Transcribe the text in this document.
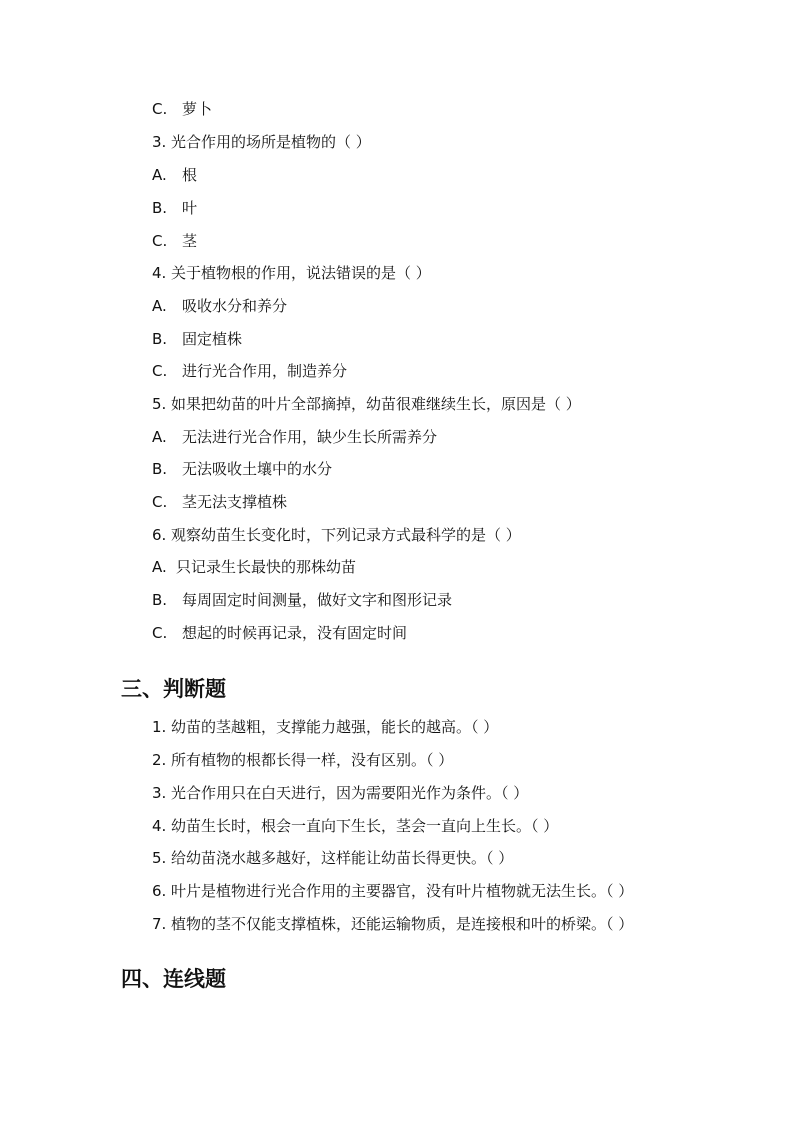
C. 萝卜
3. 光合作用的场所是植物的（ ）
A. 根
B. 叶
C. 茎
4. 关于植物根的作用，说法错误的是（ ）
A. 吸收水分和养分
B. 固定植株
C. 进行光合作用，制造养分
5. 如果把幼苗的叶片全部摘掉，幼苗很难继续生长，原因是（ ）
A. 无法进行光合作用，缺少生长所需养分
B. 无法吸收土壤中的水分
C. 茎无法支撑植株
6. 观察幼苗生长变化时，下列记录方式最科学的是（ ）
A. 只记录生长最快的那株幼苗
B. 每周固定时间测量，做好文字和图形记录
C. 想起的时候再记录，没有固定时间
三、判断题
1. 幼苗的茎越粗，支撑能力越强，能长的越高。（ ）
2. 所有植物的根都长得一样，没有区别。（ ）
3. 光合作用只在白天进行，因为需要阳光作为条件。（ ）
4. 幼苗生长时，根会一直向下生长，茎会一直向上生长。（ ）
5. 给幼苗浇水越多越好，这样能让幼苗长得更快。（ ）
6. 叶片是植物进行光合作用的主要器官，没有叶片植物就无法生长。（ ）
7. 植物的茎不仅能支撑植株，还能运输物质，是连接根和叶的桥梁。（ ）
四、连线题
